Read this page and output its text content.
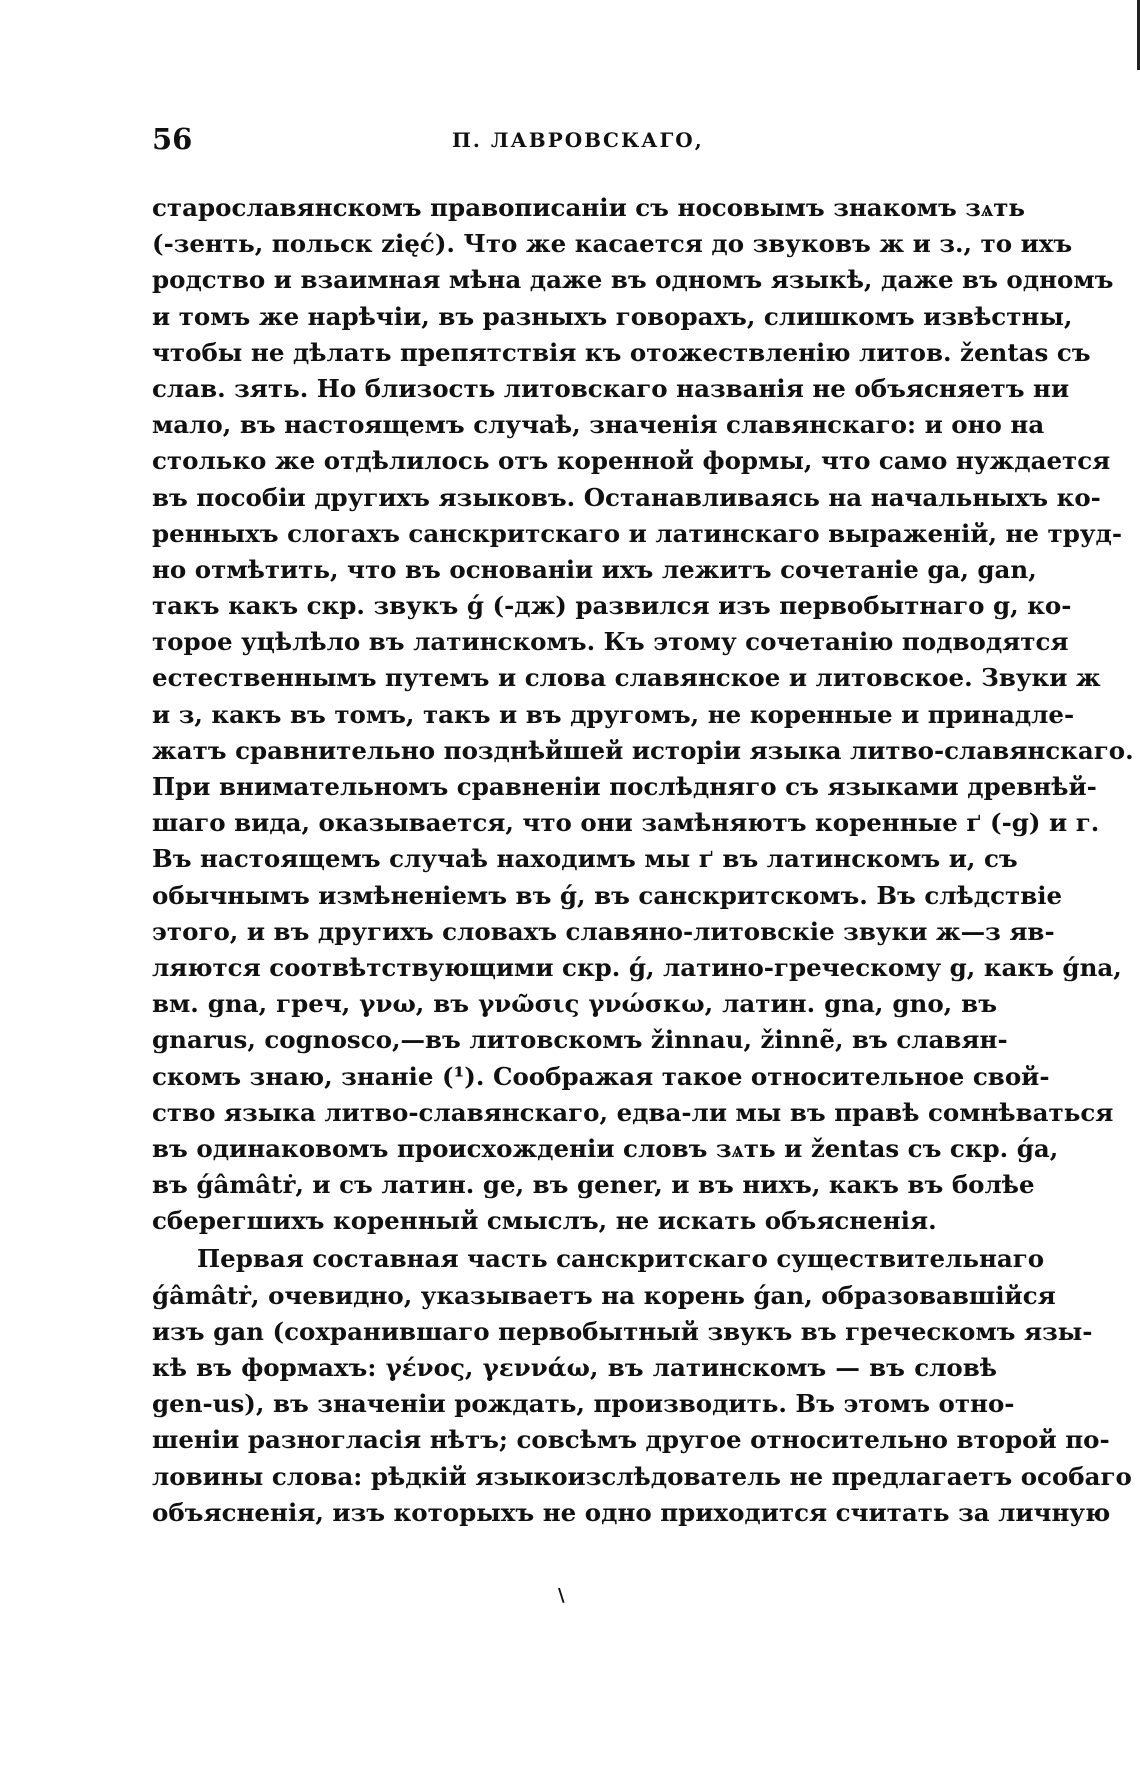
56	П. ЛАВРОВСКАГО,
старославянскомъ правописаніи съ носовымъ знакомъ зѧть
(-зенть, польск zięć). Что же касается до звуковъ ж и з., то ихъ
родство и взаимная мѣна даже въ одномъ языкѣ, даже въ одномъ
и томъ же нарѣчіи, въ разныхъ говорахъ, слишкомъ извѣстны,
чтобы не дѣлать препятствія къ отожествленію литов. žentas съ
слав. зять. Но близость литовскаго названія не объясняетъ ни
мало, въ настоящемъ случаѣ, значенія славянскаго: и оно на
столько же отдѣлилось отъ коренной формы, что само нуждается
въ пособіи другихъ языковъ. Останавливаясь на начальныхъ ко-
ренныхъ слогахъ санскритскаго и латинскаго выраженій, не труд-
но отмѣтить, что въ основаніи ихъ лежитъ сочетаніе ga, gan,
такъ какъ скр. звукъ ǵ (-дж) развился изъ первобытнаго g, ко-
торое уцѣлѣло въ латинскомъ. Къ этому сочетанію подводятся
естественнымъ путемъ и слова славянское и литовское. Звуки ж
и з, какъ въ томъ, такъ и въ другомъ, не коренные и принадле-
жатъ сравнительно позднѣйшей исторіи языка литво-славянскаго.
При внимательномъ сравненіи послѣдняго съ языками древнѣй-
шаго вида, оказывается, что они замѣняютъ коренные ґ (-g) и г.
Въ настоящемъ случаѣ находимъ мы ґ въ латинскомъ и, съ
обычнымъ измѣненіемъ въ ǵ, въ санскритскомъ. Въ слѣдствіе
этого, и въ другихъ словахъ славяно-литовскіе звуки ж—з яв-
ляются соотвѣтствующими скр. ǵ, латино-греческому g, какъ ǵna,
вм. gna, греч, γνω, въ γνῶσις γνώσκω, латин. gna, gno, въ
gnarus, cognosco,—въ литовскомъ žinnau, žinnẽ, въ славян-
скомъ знаю, знаніе (¹). Соображая такое относительное свой-
ство языка литво-славянскаго, едва-ли мы въ правѣ сомнѣваться
въ одинаковомъ происхожденіи словъ зѧть и žentas съ скр. ǵa,
въ ǵâmâtṙ, и съ латин. ge, въ gener, и въ нихъ, какъ въ болѣе
сберегшихъ коренный смыслъ, не искать объясненія.
Первая составная часть санскритскаго существительнаго
ǵâmâtṙ, очевидно, указываетъ на корень ǵan, образовавшійся
изъ gan (сохранившаго первобытный звукъ въ греческомъ язы-
кѣ въ формахъ: γένος, γεννάω, въ латинскомъ — въ словѣ
gen-us), въ значеніи рождать, производить. Въ этомъ отно-
шеніи разногласія нѣтъ; совсѣмъ другое относительно второй по-
ловины слова: рѣдкій языкоизслѣдователь не предлагаетъ особаго
объясненія, изъ которыхъ не одно приходится считать за личную
\
